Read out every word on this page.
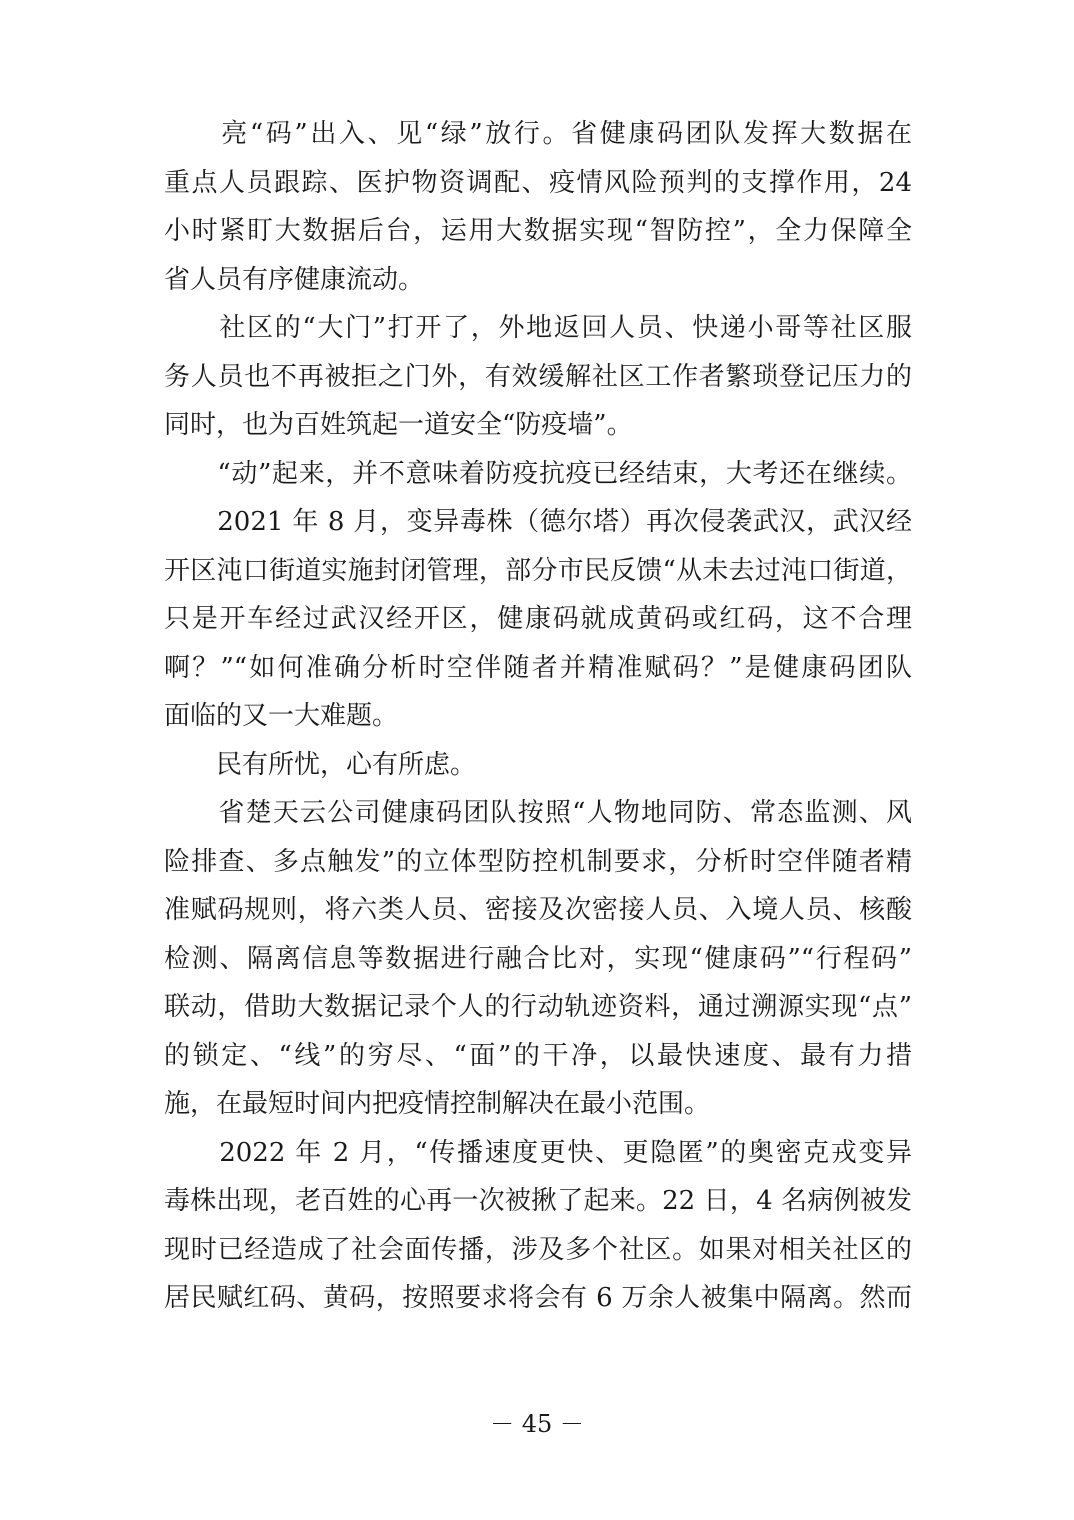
　　亮“码”出入、见“绿”放行。省健康码团队发挥大数据在
重点人员跟踪、医护物资调配、疫情风险预判的支撑作用，24
小时紧盯大数据后台，运用大数据实现“智防控”，全力保障全
省人员有序健康流动。
　　社区的“大门”打开了，外地返回人员、快递小哥等社区服
务人员也不再被拒之门外，有效缓解社区工作者繁琐登记压力的
同时，也为百姓筑起一道安全“防疫墙”。
　　“动”起来，并不意味着防疫抗疫已经结束，大考还在继续。
　　2021 年 8 月，变异毒株（德尔塔）再次侵袭武汉，武汉经
开区沌口街道实施封闭管理，部分市民反馈“从未去过沌口街道，
只是开车经过武汉经开区，健康码就成黄码或红码，这不合理
啊？”“如何准确分析时空伴随者并精准赋码？”是健康码团队
面临的又一大难题。
　　民有所忧，心有所虑。
　　省楚天云公司健康码团队按照“人物地同防、常态监测、风
险排查、多点触发”的立体型防控机制要求，分析时空伴随者精
准赋码规则，将六类人员、密接及次密接人员、入境人员、核酸
检测、隔离信息等数据进行融合比对，实现“健康码”“行程码”
联动，借助大数据记录个人的行动轨迹资料，通过溯源实现“点”
的锁定、“线”的穷尽、“面”的干净，以最快速度、最有力措
施，在最短时间内把疫情控制解决在最小范围。
　　2022 年 2 月，“传播速度更快、更隐匿”的奥密克戎变异
毒株出现，老百姓的心再一次被揪了起来。22 日，4 名病例被发
现时已经造成了社会面传播，涉及多个社区。如果对相关社区的
居民赋红码、黄码，按照要求将会有 6 万余人被集中隔离。然而
－ 45 －
